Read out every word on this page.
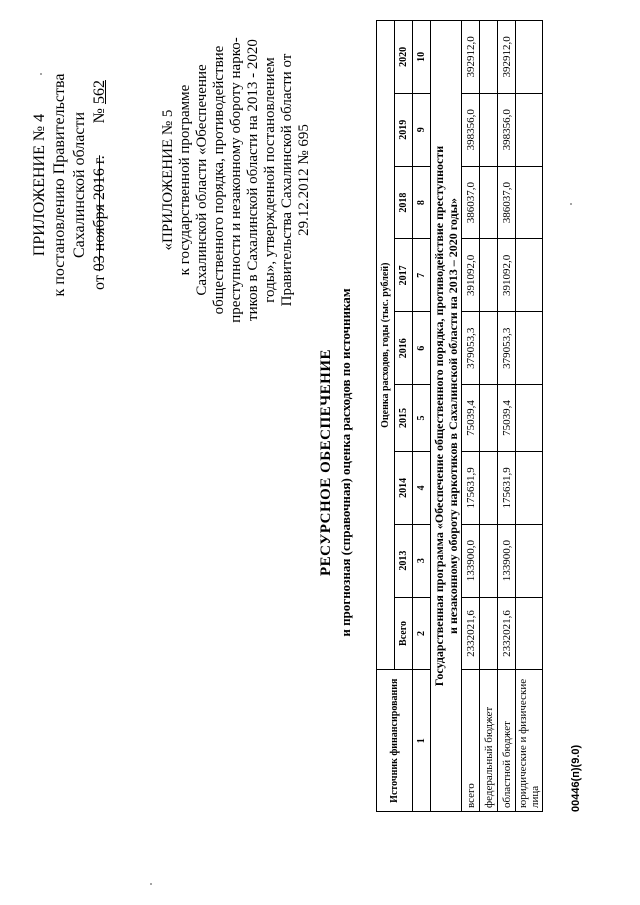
ПРИЛОЖЕНИЕ № 4 к постановлению Правительства Сахалинской области
от 03 ноября 2016 г.        № 562
«ПРИЛОЖЕНИЕ № 5 к государственной программе Сахалинской области «Обеспечение общественного порядка, противодействие преступности и незаконному обороту нарко- тиков в Сахалинской области на 2013 - 2020 годы», утвержденной постановлением Правительства Сахалинской области от 29.12.2012 № 695
РЕСУРСНОЕ ОБЕСПЕЧЕНИЕ и прогнозная (справочная) оценка расходов по источникам
Источник финансирования	Оценка расходов, годы (тыс. рублей)								
	Всего	2013	2014	2015	2016	2017	2018	2019	2020
1	2	3	4	5	6	7	8	9	10
Государственная программа «Обеспечение общественного порядка, противодействие преступности
и незаконному обороту наркотиков в Сахалинской области на 2013 – 2020 годы»									
всего	2332021,6	133900,0	175631,9	75039,4	379053,3	391092,0	386037,0	398356,0	392912,0
федеральный бюджет									
областной бюджет	2332021,6	133900,0	175631,9	75039,4	379053,3	391092,0	386037,0	398356,0	392912,0
юридические и физические лица										00446(п)(9.0)
